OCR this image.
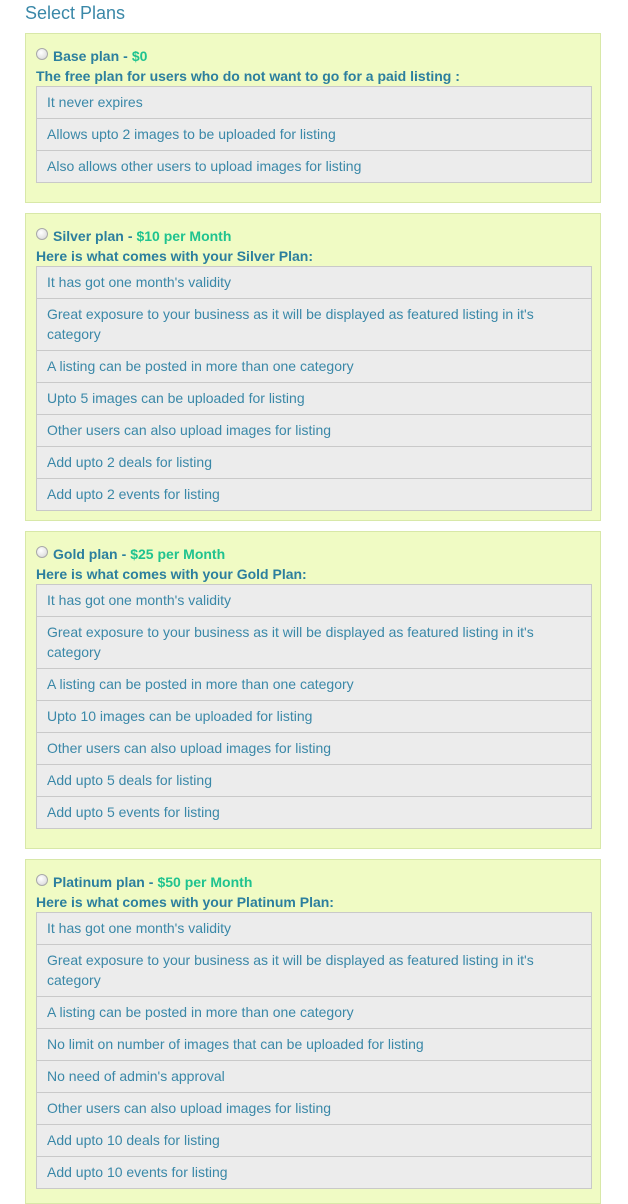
Select Plans
Base plan - $0
The free plan for users who do not want to go for a paid listing :
It never expires
Allows upto 2 images to be uploaded for listing
Also allows other users to upload images for listing
Silver plan - $10 per Month
Here is what comes with your Silver Plan:
It has got one month's validity
Great exposure to your business as it will be displayed as featured listing in it's category
A listing can be posted in more than one category
Upto 5 images can be uploaded for listing
Other users can also upload images for listing
Add upto 2 deals for listing
Add upto 2 events for listing
Gold plan - $25 per Month
Here is what comes with your Gold Plan:
It has got one month's validity
Great exposure to your business as it will be displayed as featured listing in it's category
A listing can be posted in more than one category
Upto 10 images can be uploaded for listing
Other users can also upload images for listing
Add upto 5 deals for listing
Add upto 5 events for listing
Platinum plan - $50 per Month
Here is what comes with your Platinum Plan:
It has got one month's validity
Great exposure to your business as it will be displayed as featured listing in it's category
A listing can be posted in more than one category
No limit on number of images that can be uploaded for listing
No need of admin's approval
Other users can also upload images for listing
Add upto 10 deals for listing
Add upto 10 events for listing
